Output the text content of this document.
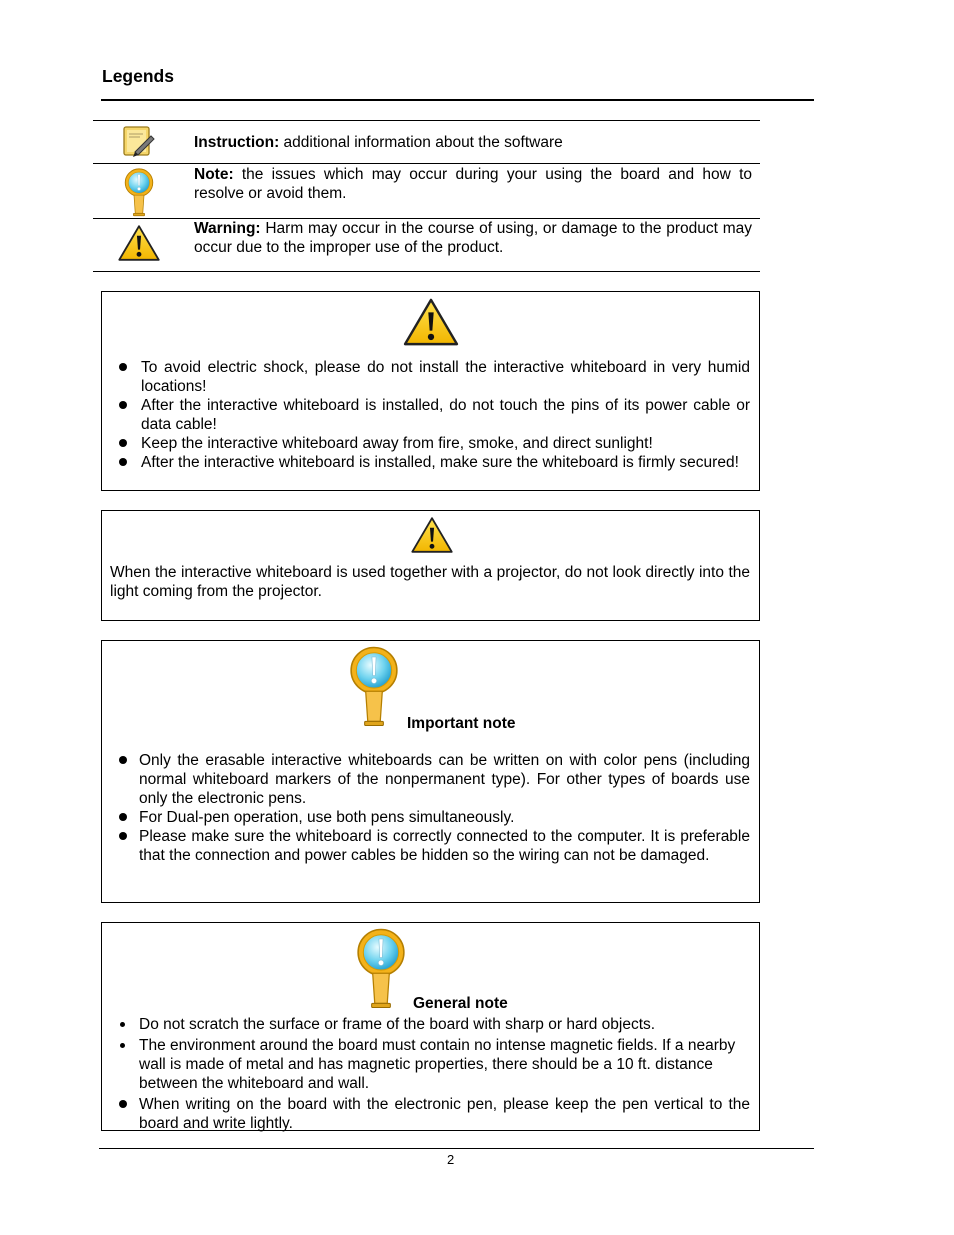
Legends
Instruction: additional information about the software
Note: the issues which may occur during your using the board and how to resolve or avoid them.
Warning: Harm may occur in the course of using, or damage to the product may occur due to the improper use of the product.
To avoid electric shock, please do not install the interactive whiteboard in very humid locations!
After the interactive whiteboard is installed, do not touch the pins of its power cable or data cable!
Keep the interactive whiteboard away from fire, smoke, and direct sunlight!
After the interactive whiteboard is installed, make sure the whiteboard is firmly secured!
When the interactive whiteboard is used together with a projector, do not look directly into the light coming from the projector.
Important note
Only the erasable interactive whiteboards can be written on with color pens (including normal whiteboard markers of the nonpermanent type). For other types of boards use only the electronic pens.
For Dual-pen operation, use both pens simultaneously.
Please make sure the whiteboard is correctly connected to the computer. It is preferable that the connection and power cables be hidden so the wiring can not be damaged.
General note
Do not scratch the surface or frame of the board with sharp or hard objects.
The environment around the board must contain no intense magnetic fields. If a nearby wall is made of metal and has magnetic properties, there should be a 10 ft. distance between the whiteboard and wall.
When writing on the board with the electronic pen, please keep the pen vertical to the board and write lightly.
2
